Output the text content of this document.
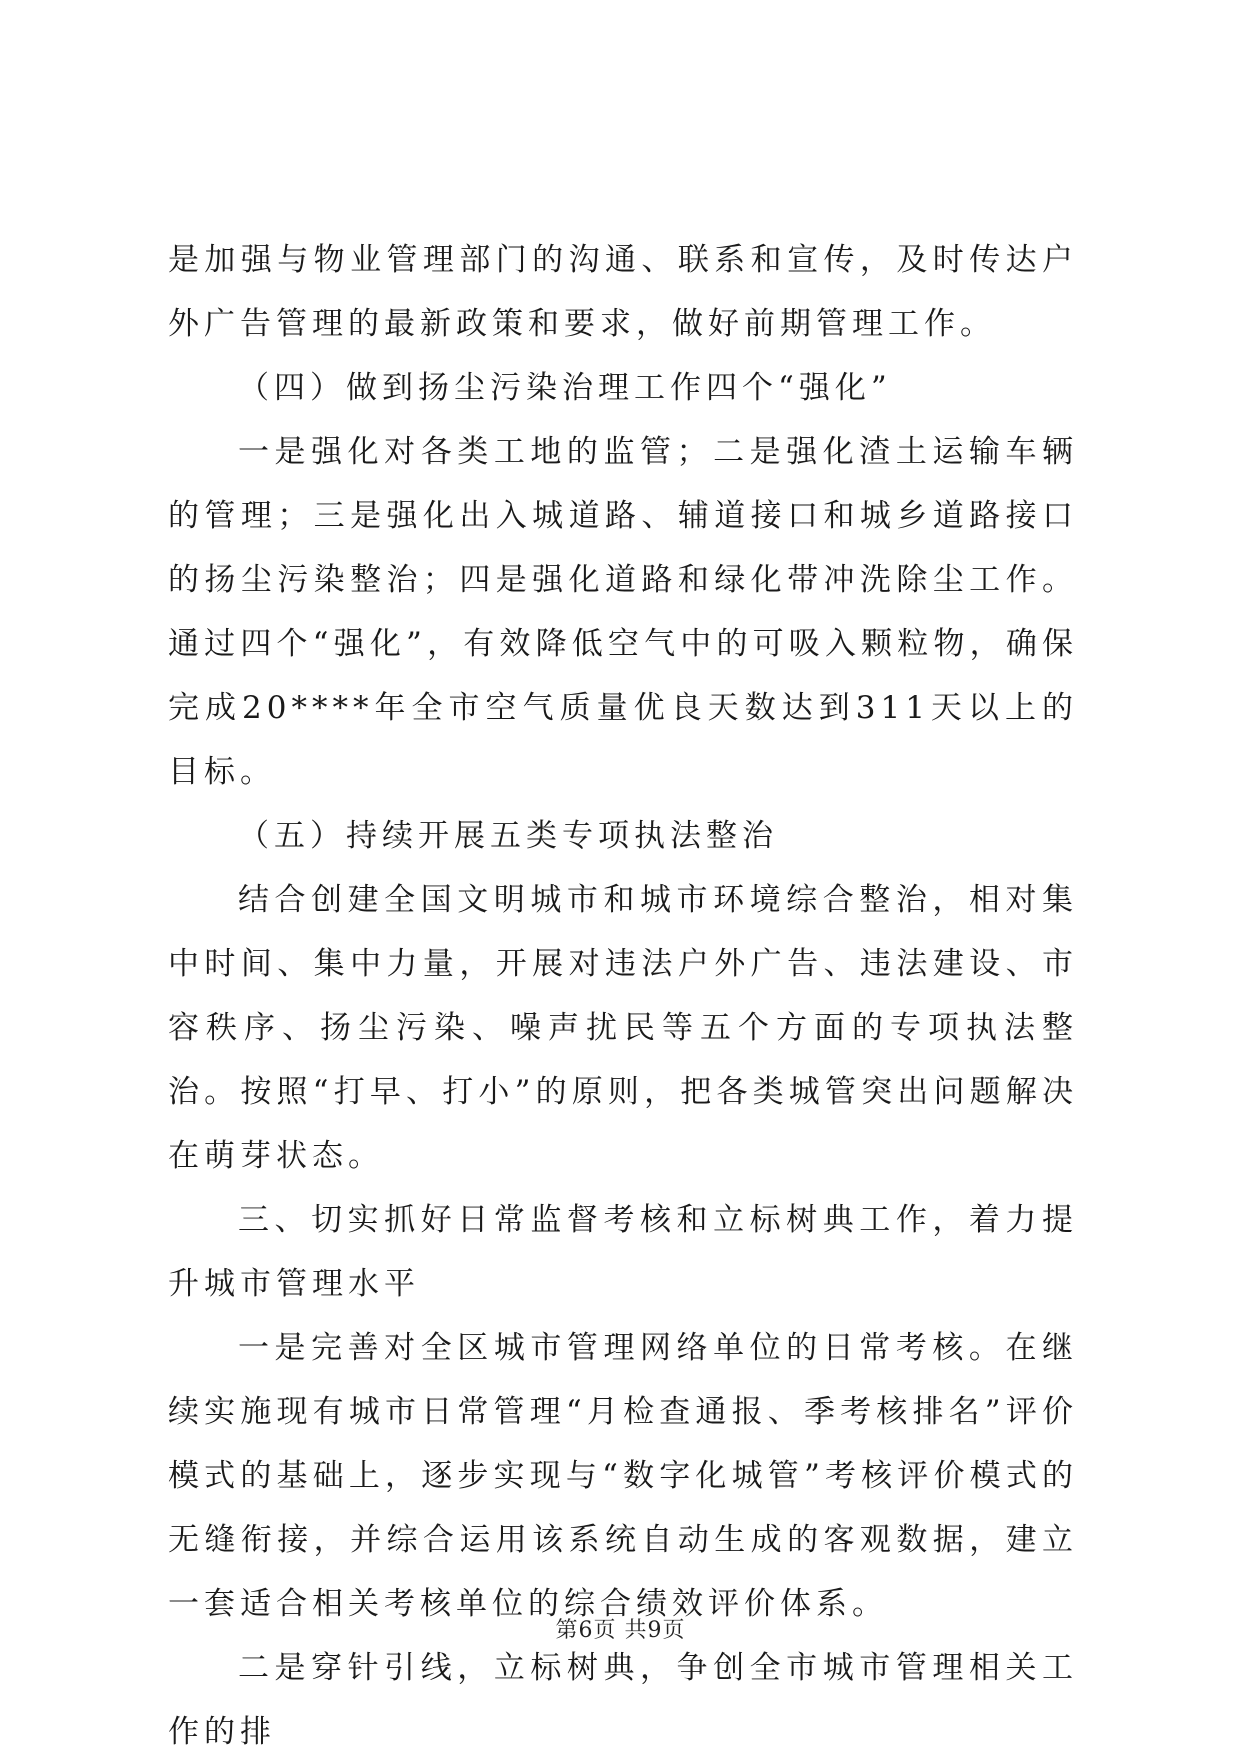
是加强与物业管理部门的沟通、联系和宣传，及时传达户外广告管理的最新政策和要求，做好前期管理工作。

（四）做到扬尘污染治理工作四个“强化”

一是强化对各类工地的监管；二是强化渣土运输车辆的管理；三是强化出入城道路、辅道接口和城乡道路接口的扬尘污染整治；四是强化道路和绿化带冲洗除尘工作。通过四个“强化”，有效降低空气中的可吸入颗粒物，确保完成20****年全市空气质量优良天数达到311天以上的目标。

（五）持续开展五类专项执法整治

结合创建全国文明城市和城市环境综合整治，相对集中时间、集中力量，开展对违法户外广告、违法建设、市容秩序、扬尘污染、噪声扰民等五个方面的专项执法整治。按照“打早、打小”的原则，把各类城管突出问题解决在萌芽状态。

三、切实抓好日常监督考核和立标树典工作，着力提升城市管理水平

一是完善对全区城市管理网络单位的日常考核。在继续实施现有城市日常管理“月检查通报、季考核排名”评价模式的基础上，逐步实现与“数字化城管”考核评价模式的无缝衔接，并综合运用该系统自动生成的客观数据，建立一套适合相关考核单位的综合绩效评价体系。

二是穿针引线，立标树典，争创全市城市管理相关工作的排

第6页 共9页
